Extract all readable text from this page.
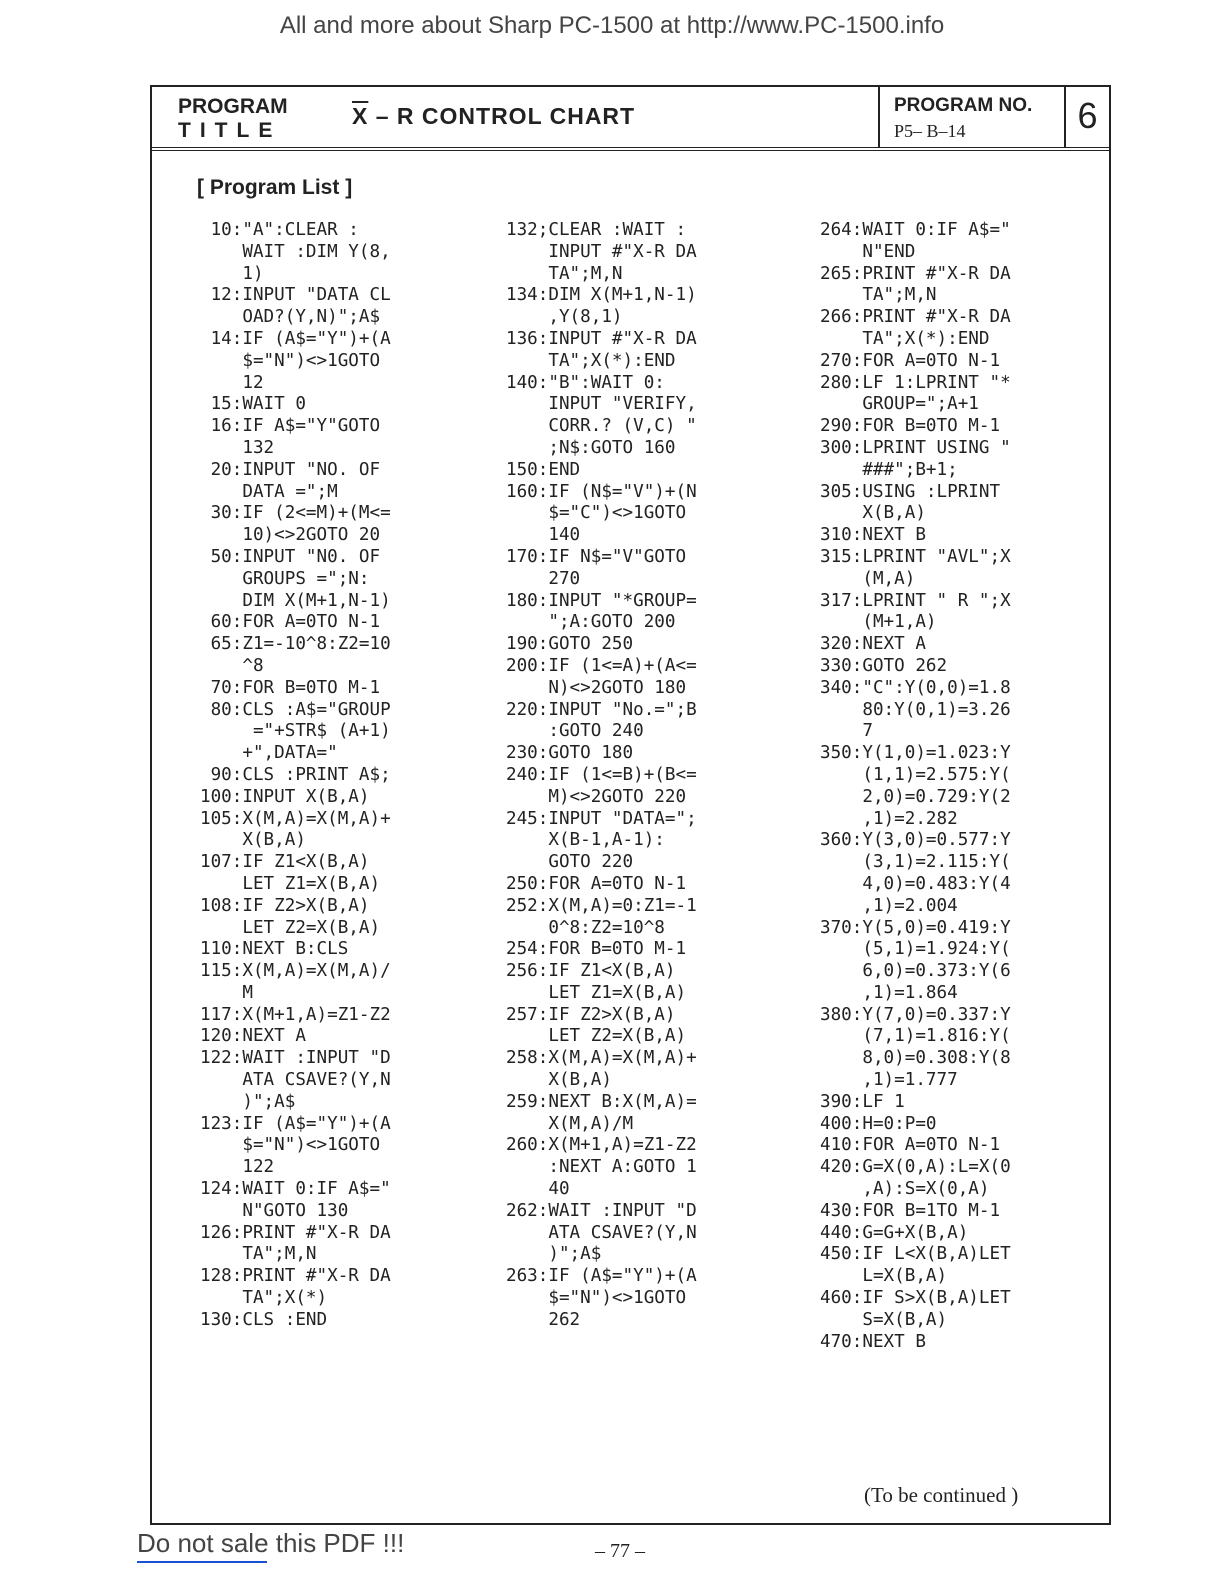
All and more about Sharp PC-1500 at http://www.PC-1500.info
PROGRAM
TITLE
$\overline{X}$ – R CONTROL CHART	PROGRAM NO.
P5– B–14	6
[ Program List ]
10:"A":CLEAR :
WAIT :DIM Y(8,
1)
12:INPUT "DATA CL
OAD?(Y,N)";A$
14:IF (A$="Y")+(A
$="N")<>1GOTO
12
15:WAIT 0
16:IF A$="Y"GOTO
132
20:INPUT "NO. OF
DATA =";M
30:IF (2<=M)+(M<=
10)<>2GOTO 20
50:INPUT "N0. OF
GROUPS =";N:
DIM X(M+1,N-1)
60:FOR A=0TO N-1
65:Z1=-10^8:Z2=10
^8
70:FOR B=0TO M-1
80:CLS :A$="GROUP
="+STR$ (A+1)
+",DATA="
90:CLS :PRINT A$;
100:INPUT X(B,A)
105:X(M,A)=X(M,A)+
X(B,A)
107:IF Z1<X(B,A)
LET Z1=X(B,A)
108:IF Z2>X(B,A)
LET Z2=X(B,A)
110:NEXT B:CLS
115:X(M,A)=X(M,A)/
M
117:X(M+1,A)=Z1-Z2
120:NEXT A
122:WAIT :INPUT "D
ATA CSAVE?(Y,N
)";A$
123:IF (A$="Y")+(A
$="N")<>1GOTO
122
124:WAIT 0:IF A$="
N"GOTO 130
126:PRINT #"X-R DA
TA";M,N
128:PRINT #"X-R DA
TA";X(*)
130:CLS :END
132;CLEAR :WAIT :
INPUT #"X-R DA
TA";M,N
134:DIM X(M+1,N-1)
,Y(8,1)
136:INPUT #"X-R DA
TA";X(*):END
140:"B":WAIT 0:
INPUT "VERIFY,
CORR.? (V,C) "
;N$:GOTO 160
150:END
160:IF (N$="V")+(N
$="C")<>1GOTO
140
170:IF N$="V"GOTO
270
180:INPUT "*GROUP=
";A:GOTO 200
190:GOTO 250
200:IF (1<=A)+(A<=
N)<>2GOTO 180
220:INPUT "No.=";B
:GOTO 240
230:GOTO 180
240:IF (1<=B)+(B<=
M)<>2GOTO 220
245:INPUT "DATA=";
X(B-1,A-1):
GOTO 220
250:FOR A=0TO N-1
252:X(M,A)=0:Z1=-1
0^8:Z2=10^8
254:FOR B=0TO M-1
256:IF Z1<X(B,A)
LET Z1=X(B,A)
257:IF Z2>X(B,A)
LET Z2=X(B,A)
258:X(M,A)=X(M,A)+
X(B,A)
259:NEXT B:X(M,A)=
X(M,A)/M
260:X(M+1,A)=Z1-Z2
:NEXT A:GOTO 1
40
262:WAIT :INPUT "D
ATA CSAVE?(Y,N
)";A$
263:IF (A$="Y")+(A
$="N")<>1GOTO
262
264:WAIT 0:IF A$="
N"END
265:PRINT #"X-R DA
TA";M,N
266:PRINT #"X-R DA
TA";X(*):END
270:FOR A=0TO N-1
280:LF 1:LPRINT "*
GROUP=";A+1
290:FOR B=0TO M-1
300:LPRINT USING "
###";B+1;
305:USING :LPRINT
X(B,A)
310:NEXT B
315:LPRINT "AVL";X
(M,A)
317:LPRINT " R ";X
(M+1,A)
320:NEXT A
330:GOTO 262
340:"C":Y(0,0)=1.8
80:Y(0,1)=3.26
7
350:Y(1,0)=1.023:Y
(1,1)=2.575:Y(
2,0)=0.729:Y(2
,1)=2.282
360:Y(3,0)=0.577:Y
(3,1)=2.115:Y(
4,0)=0.483:Y(4
,1)=2.004
370:Y(5,0)=0.419:Y
(5,1)=1.924:Y(
6,0)=0.373:Y(6
,1)=1.864
380:Y(7,0)=0.337:Y
(7,1)=1.816:Y(
8,0)=0.308:Y(8
,1)=1.777
390:LF 1
400:H=0:P=0
410:FOR A=0TO N-1
420:G=X(0,A):L=X(0
,A):S=X(0,A)
430:FOR B=1TO M-1
440:G=G+X(B,A)
450:IF L<X(B,A)LET
L=X(B,A)
460:IF S>X(B,A)LET
S=X(B,A)
470:NEXT B
(To be continued )
Do not sale this PDF !!!	– 77 –
